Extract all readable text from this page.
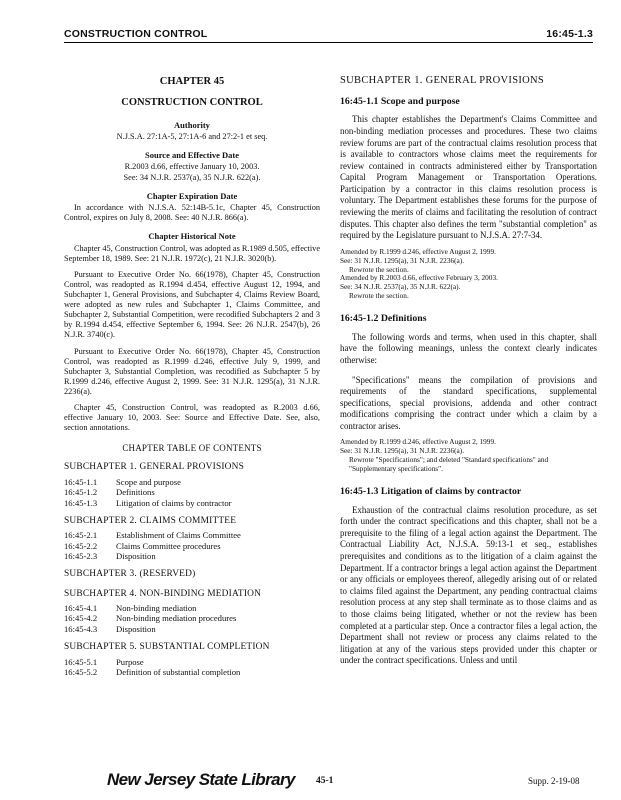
CONSTRUCTION CONTROL	16:45-1.3
CHAPTER 45
CONSTRUCTION CONTROL
Authority

N.J.S.A. 27:1A-5, 27:1A-6 and 27:2-1 et seq.

Source and Effective Date

R.2003 d.66, effective January 10, 2003.

See: 34 N.J.R. 2537(a), 35 N.J.R. 622(a).

Chapter Expiration Date

In accordance with N.J.S.A. 52:14B-5.1c, Chapter 45, Construction Control, expires on July 8, 2008. See: 40 N.J.R. 866(a).

Chapter Historical Note

Chapter 45, Construction Control, was adopted as R.1989 d.505, effective September 18, 1989. See: 21 N.J.R. 1972(c), 21 N.J.R. 3020(b).

Pursuant to Executive Order No. 66(1978), Chapter 45, Construction Control, was readopted as R.1994 d.454, effective August 12, 1994, and Subchapter 1, General Provisions, and Subchapter 4, Claims Review Board, were adopted as new rules and Subchapter 1, Claims Committee, and Subchapter 2, Substantial Competition, were recodified Subchapters 2 and 3 by R.1994 d.454, effective September 6, 1994. See: 26 N.J.R. 2547(b), 26 N.J.R. 3740(c).

Pursuant to Executive Order No. 66(1978), Chapter 45, Construction Control, was readopted as R.1999 d.246, effective July 9, 1999, and Subchapter 3, Substantial Completion, was recodified as Subchapter 5 by R.1999 d.246, effective August 2, 1999. See: 31 N.J.R. 1295(a), 31 N.J.R. 2236(a).

Chapter 45, Construction Control, was readopted as R.2003 d.66, effective January 10, 2003. See: Source and Effective Date. See, also, section annotations.

CHAPTER TABLE OF CONTENTS
SUBCHAPTER 1. GENERAL PROVISIONS
16:45-1.1	Scope and purpose
16:45-1.2	Definitions
16:45-1.3	Litigation of claims by contractor
SUBCHAPTER 2. CLAIMS COMMITTEE
16:45-2.1	Establishment of Claims Committee
16:45-2.2	Claims Committee procedures
16:45-2.3	Disposition
SUBCHAPTER 3. (RESERVED)
SUBCHAPTER 4. NON-BINDING MEDIATION
16:45-4.1	Non-binding mediation
16:45-4.2	Non-binding mediation procedures
16:45-4.3	Disposition
SUBCHAPTER 5. SUBSTANTIAL COMPLETION
16:45-5.1	Purpose
16:45-5.2	Definition of substantial completion
SUBCHAPTER 1. GENERAL PROVISIONS
16:45-1.1 Scope and purpose

This chapter establishes the Department's Claims Committee and non-binding mediation processes and procedures. These two claims review forums are part of the contractual claims resolution process that is available to contractors whose claims meet the requirements for review contained in contracts administered either by Transportation Capital Program Management or Transportation Operations. Participation by a contractor in this claims resolution process is voluntary. The Department establishes these forums for the purpose of reviewing the merits of claims and facilitating the resolution of contract disputes. This chapter also defines the term "substantial completion" as required by the Legislature pursuant to N.J.S.A. 27:7-34.

Amended by R.1999 d.246, effective August 2, 1999.
See: 31 N.J.R. 1295(a), 31 N.J.R. 2236(a).
Rewrote the section.
Amended by R.2003 d.66, effective February 3, 2003.
See: 34 N.J.R. 2537(a), 35 N.J.R. 622(a).
Rewrote the section.
16:45-1.2 Definitions

The following words and terms, when used in this chapter, shall have the following meanings, unless the context clearly indicates otherwise:

"Specifications" means the compilation of provisions and requirements of the standard specifications, supplemental specifications, special provisions, addenda and other contract modifications comprising the contract under which a claim by a contractor arises.

Amended by R.1999 d.246, effective August 2, 1999.
See: 31 N.J.R. 1295(a), 31 N.J.R. 2236(a).
Rewrote "Specifications"; and deleted "Standard specifications" and "Supplementary specifications".
16:45-1.3 Litigation of claims by contractor

Exhaustion of the contractual claims resolution procedure, as set forth under the contract specifications and this chapter, shall not be a prerequisite to the filing of a legal action against the Department. The Contractual Liability Act, N.J.S.A. 59:13-1 et seq., establishes prerequisites and conditions as to the litigation of a claim against the Department. If a contractor brings a legal action against the Department or any officials or employees thereof, allegedly arising out of or related to claims filed against the Department, any pending contractual claims resolution process at any step shall terminate as to those claims and as to those claims being litigated, whether or not the review has been completed at a particular step. Once a contractor files a legal action, the Department shall not review or process any claims related to the litigation at any of the various steps provided under this chapter or under the contract specifications. Unless and until

New Jersey State Library 45-1	Supp. 2-19-08
